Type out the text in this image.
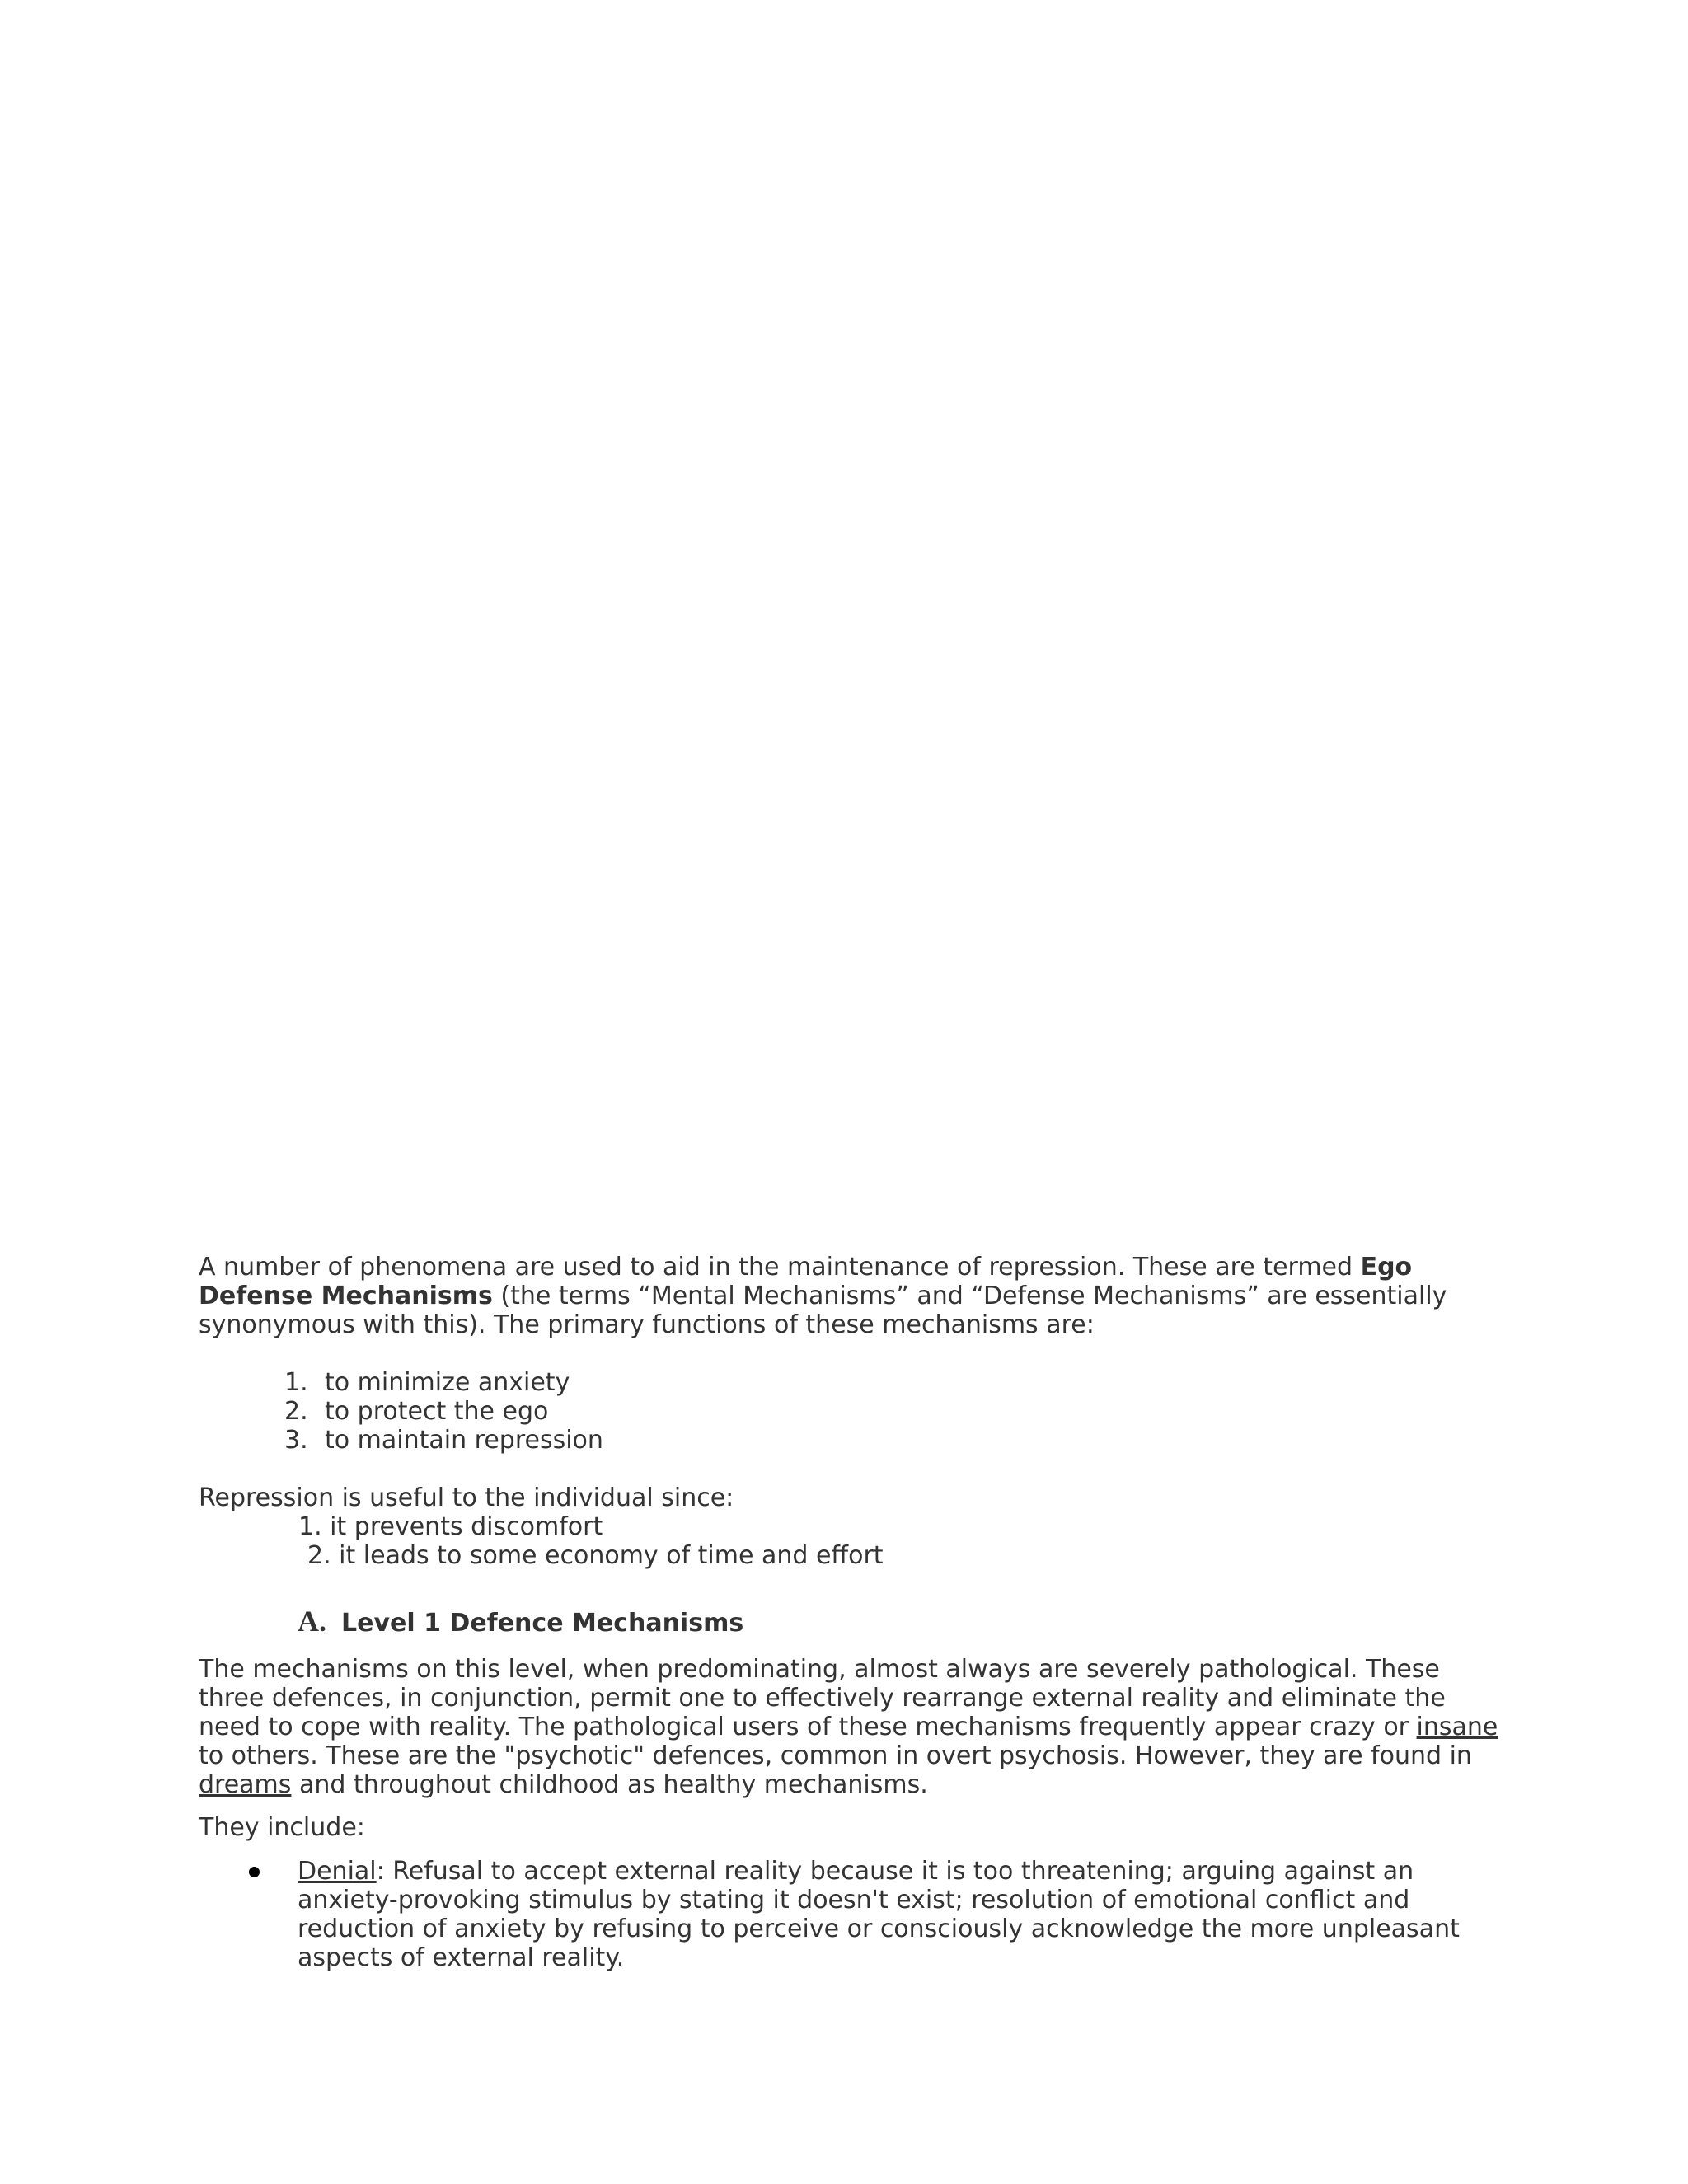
A number of phenomena are used to aid in the maintenance of repression. These are termed Ego Defense Mechanisms (the terms “Mental Mechanisms” and “Defense Mechanisms” are essentially synonymous with this). The primary functions of these mechanisms are:

1. to minimize anxiety
2. to protect the ego
3. to maintain repression

Repression is useful to the individual since:

1. it prevents discomfort
2. it leads to some economy of time and effort
A. Level 1 Defence Mechanisms

The mechanisms on this level, when predominating, almost always are severely pathological. These three defences, in conjunction, permit one to effectively rearrange external reality and eliminate the need to cope with reality. The pathological users of these mechanisms frequently appear crazy or insane to others. These are the "psychotic" defences, common in overt psychosis. However, they are found in dreams and throughout childhood as healthy mechanisms.

They include:

Denial: Refusal to accept external reality because it is too threatening; arguing against an anxiety-provoking stimulus by stating it doesn't exist; resolution of emotional conflict and reduction of anxiety by refusing to perceive or consciously acknowledge the more unpleasant aspects of external reality.
